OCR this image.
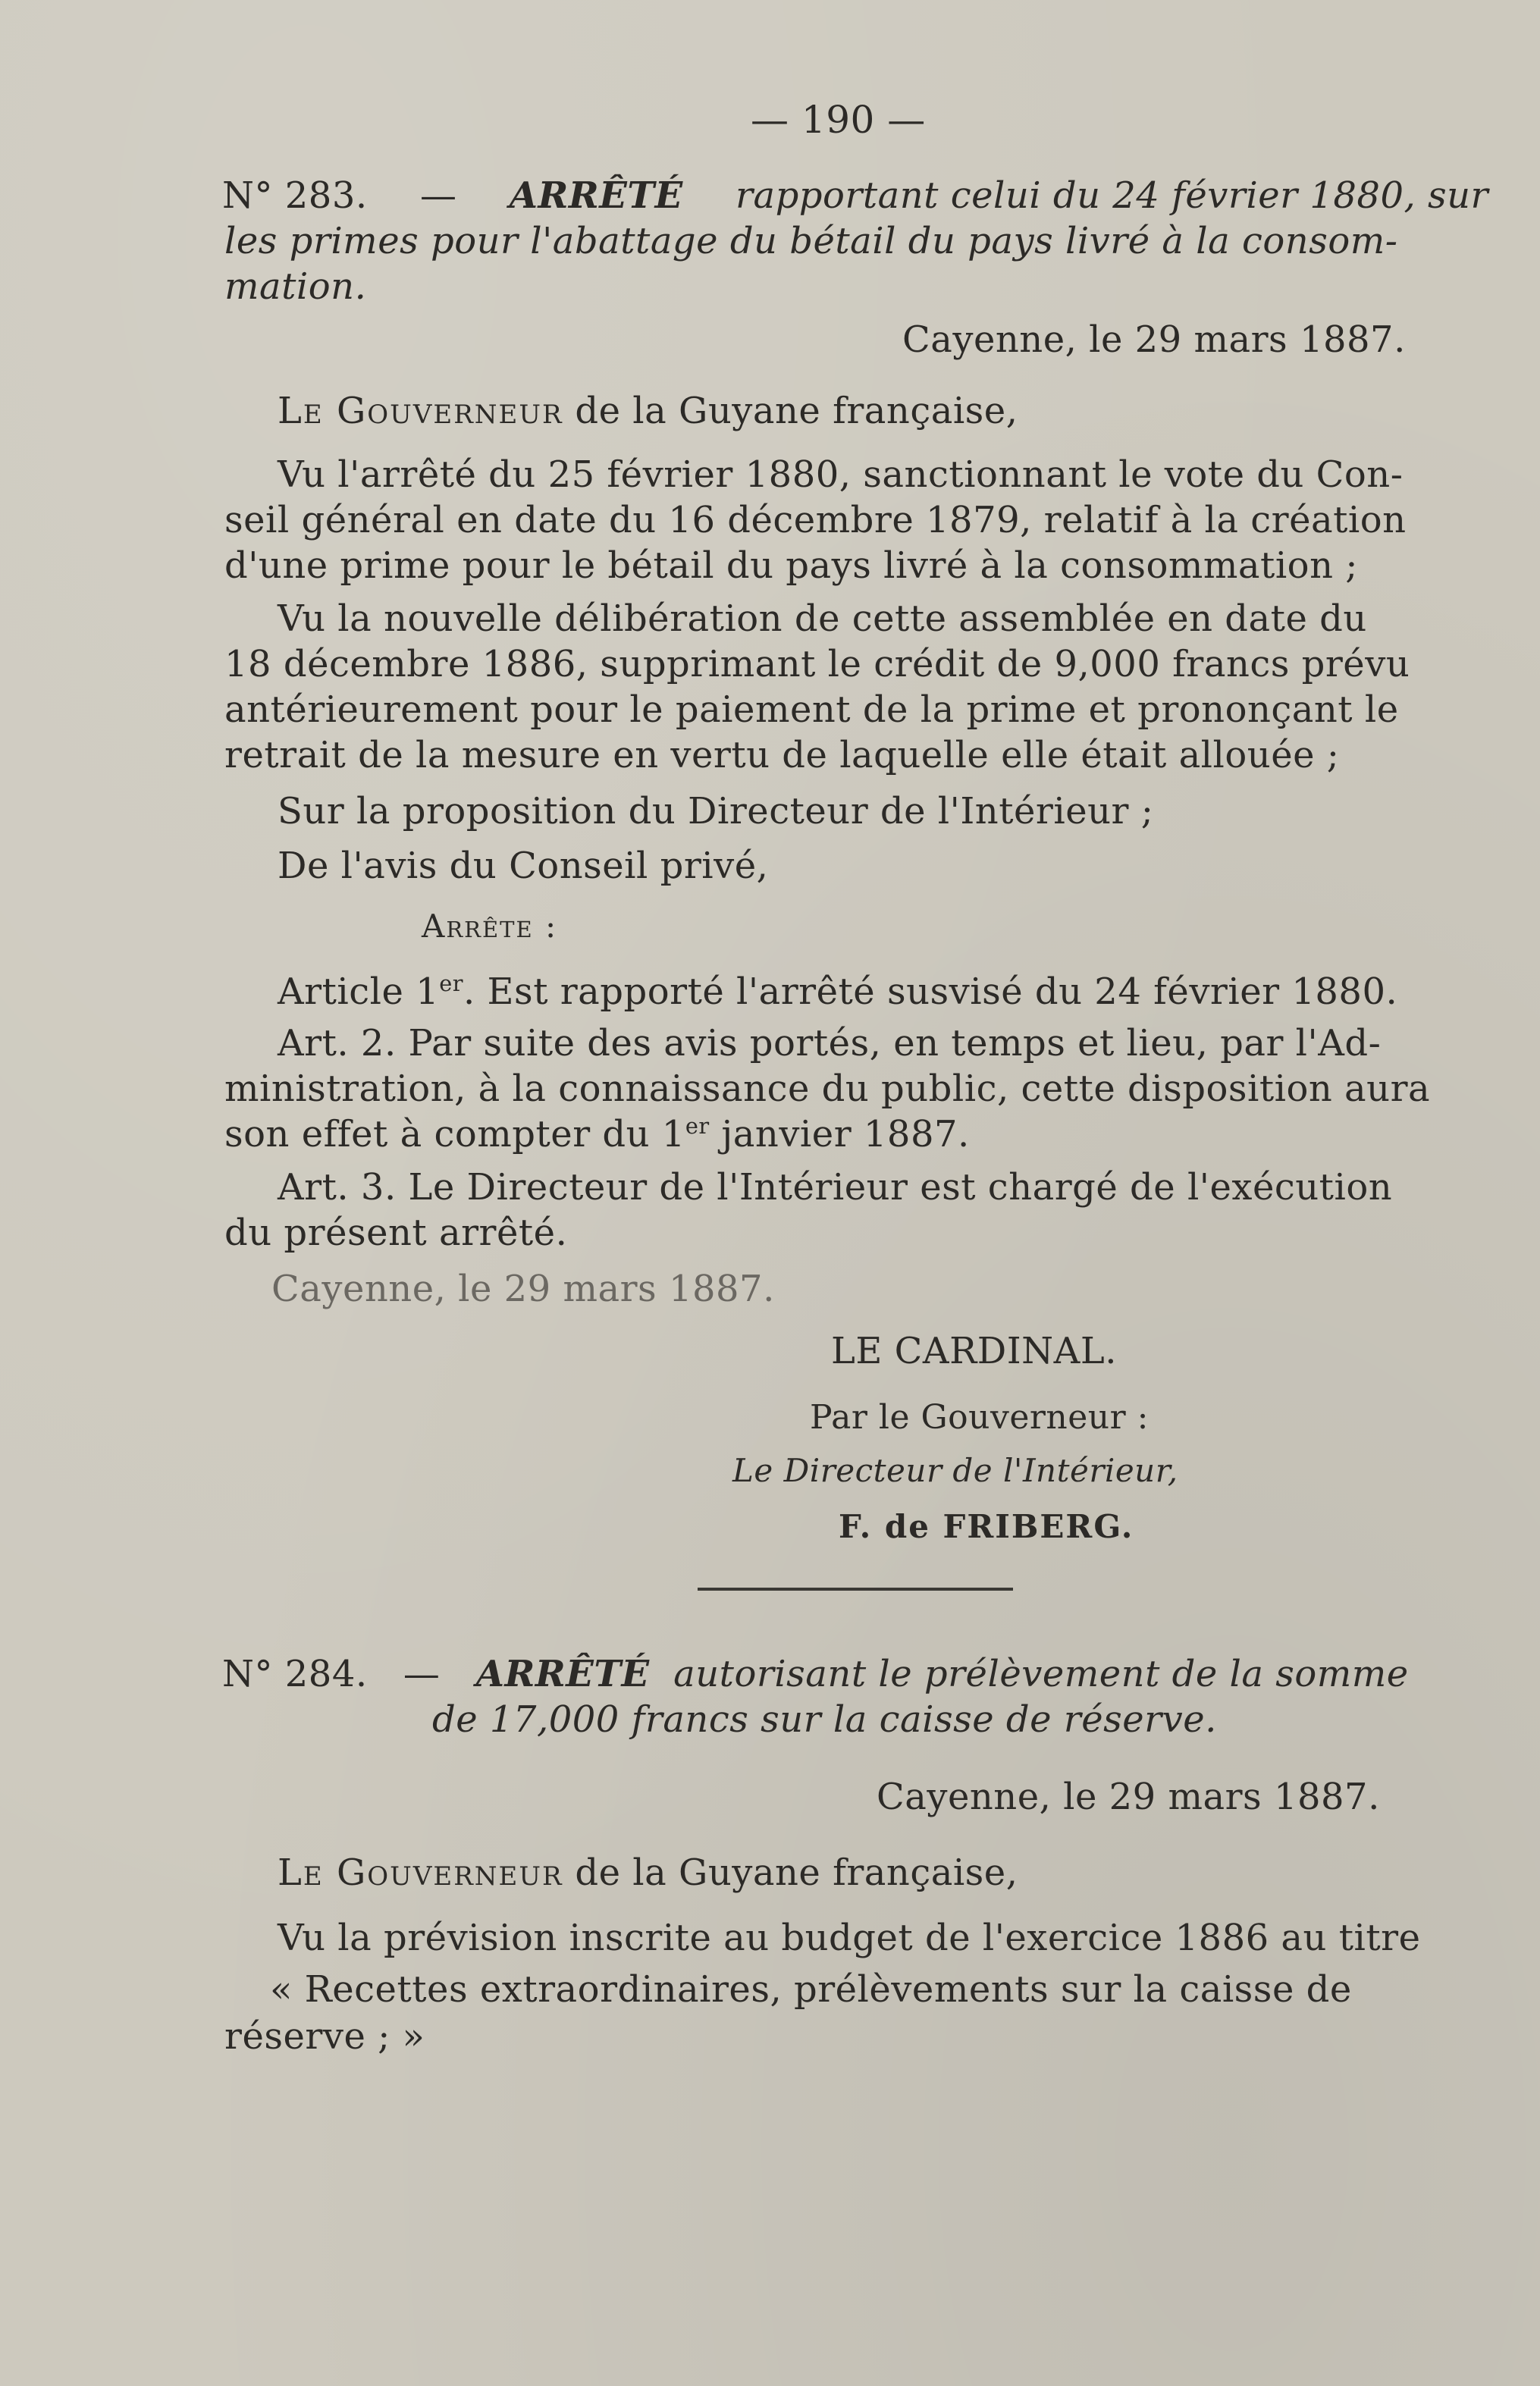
— 190 —
N° 283. — ARRÊTÉ rapportant celui du 24 février 1880, sur
les primes pour l'abattage du bétail du pays livré à la consom-
mation.
Cayenne, le 29 mars 1887.
Le Gouverneur de la Guyane française,
Vu l'arrêté du 25 février 1880, sanctionnant le vote du Con-
seil général en date du 16 décembre 1879, relatif à la création
d'une prime pour le bétail du pays livré à la consommation ;
Vu la nouvelle délibération de cette assemblée en date du
18 décembre 1886, supprimant le crédit de 9,000 francs prévu
antérieurement pour le paiement de la prime et prononçant le
retrait de la mesure en vertu de laquelle elle était allouée ;
Sur la proposition du Directeur de l'Intérieur ;
De l'avis du Conseil privé,
Arrête :
Article 1er. Est rapporté l'arrêté susvisé du 24 février 1880.
Art. 2. Par suite des avis portés, en temps et lieu, par l'Ad-
ministration, à la connaissance du public, cette disposition aura
son effet à compter du 1er janvier 1887.
Art. 3. Le Directeur de l'Intérieur est chargé de l'exécution
du présent arrêté.
Cayenne, le 29 mars 1887.
LE CARDINAL.
Par le Gouverneur :
Le Directeur de l'Intérieur,
F. de FRIBERG.
N° 284. — ARRÊTÉ autorisant le prélèvement de la somme
de 17,000 francs sur la caisse de réserve.
Cayenne, le 29 mars 1887.
Le Gouverneur de la Guyane française,
Vu la prévision inscrite au budget de l'exercice 1886 au titre
« Recettes extraordinaires, prélèvements sur la caisse de
réserve ; »
